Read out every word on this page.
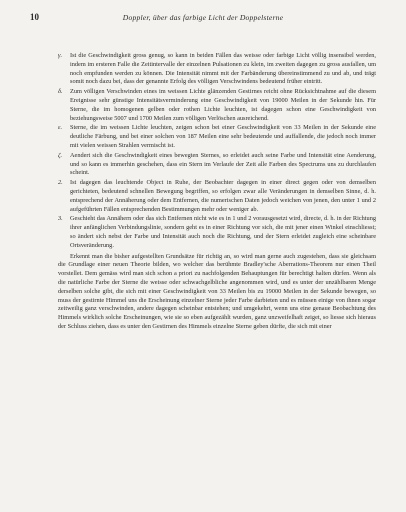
10	Doppler, über das farbige Licht der Doppelsterne
γ. Ist die Geschwindigkeit gross genug, so kann in beiden Fällen das weisse oder farbige Licht völlig insensibel werden, indem im ersteren Falle die Zeitintervalle der einzelnen Pulsationen zu klein, im zweiten dagegen zu gross ausfallen, um noch empfunden werden zu können. Die Intensität nimmt mit der Farbänderung übereinstimmend zu und ab, und trägt somit noch dazu bei, dass der genannte Erfolg des völligen Verschwindens bedeutend früher eintritt.
δ. Zum völligen Verschwinden eines im weissen Lichte glänzenden Gestirnes reicht ohne Rücksichtnahme auf die diesem Ereignisse sehr günstige Intensitätsverminderung eine Geschwindigkeit von 19000 Meilen in der Sekunde hin. Für Sterne, die im homogenen gelben oder rothen Lichte leuchten, ist dagegen schon eine Geschwindigkeit von beziehungsweise 5007 und 1700 Meilen zum völligen Verlöschen ausreichend.
ε. Sterne, die im weissen Lichte leuchten, zeigen schon bei einer Geschwindigkeit von 33 Meilen in der Sekunde eine deutliche Färbung, und bei einer solchen von 187 Meilen eine sehr bedeutende und auffallende, die jedoch noch immer mit vielen weissen Strahlen vermischt ist.
ζ. Aendert sich die Geschwindigkeit eines bewegten Sternes, so erleidet auch seine Farbe und Intensität eine Aenderung, und so kann es immerhin geschehen, dass ein Stern im Verlaufe der Zeit alle Farben des Spectrums uns zu durchlaufen scheint.
2. Ist dagegen das leuchtende Object in Ruhe, der Beobachter dagegen in einer direct gegen oder von demselben gerichteten, bedeutend schnellen Bewegung begriffen, so erfolgen zwar alle Veränderungen in demselben Sinne, d. h. entsprechend der Annäherung oder dem Entfernen, die numerischen Daten jedoch weichen von jenen, den unter 1 und 2 aufgeführten Fällen entsprechenden Bestimmungen mehr oder weniger ab.
3. Geschieht das Annähern oder das sich Entfernen nicht wie es in 1 und 2 vorausgesetzt wird, directe, d. h. in der Richtung ihrer anfänglichen Verbindungslinie, sondern geht es in einer Richtung vor sich, die mit jener einen Winkel einschliesst; so ändert sich nebst der Farbe und Intensität auch noch die Richtung, und der Stern erleidet zugleich eine scheinbare Ortsveränderung.
Erkennt man die bisher aufgestellten Grundsätze für richtig an, so wird man gerne auch zugestehen, dass sie gleichsam die Grundlage einer neuen Theorie bilden, wo welcher das berühmte Bradley'sche Aberrations-Theorem nur einen Theil vorstellet. Dem gemäss wird man sich schon a priori zu nachfolgenden Behauptungen für berechtigt halten dürfen. Wenn als die natürliche Farbe der Sterne die weisse oder schwachgelbliche angenommen wird, und es unter der unzählbaren Menge derselben solche gibt, die sich mit einer Geschwindigkeit von 33 Meilen bis zu 19000 Meilen in der Sekunde bewegen, so muss der gestirnte Himmel uns die Erscheinung einzelner Sterne jeder Farbe darbieten und es müssen einige von ihnen sogar zeitweilig ganz verschwinden, andere dagegen scheinbar entstehen; und umgekehrt, wenn uns eine genaue Beobachtung des Himmels wirklich solche Erscheinungen, wie sie so eben aufgezählt wurden, ganz unzweifelhaft zeiget, so liesse sich hieraus der Schluss ziehen, dass es unter den Gestirnen des Himmels einzelne Sterne geben dürfte, die sich mit einer
